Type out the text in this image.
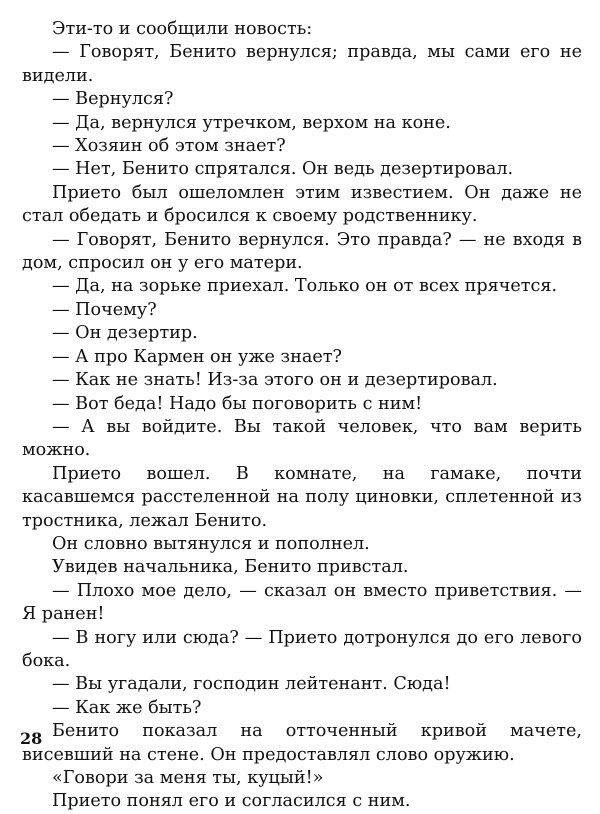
Эти-то и сообщили новость:

— Говорят, Бенито вернулся; правда, мы сами его не видели.

— Вернулся?

— Да, вернулся утречком, верхом на коне.

— Хозяин об этом знает?

— Нет, Бенито спрятался. Он ведь дезертировал.

Прието был ошеломлен этим известием. Он даже не стал обедать и бросился к своему родственнику.

— Говорят, Бенито вернулся. Это правда? — не входя в дом, спросил он у его матери.

— Да, на зорьке приехал. Только он от всех прячется.

— Почему?

— Он дезертир.

— А про Кармен он уже знает?

— Как не знать! Из-за этого он и дезертировал.

— Вот беда! Надо бы поговорить с ним!

— А вы войдите. Вы такой человек, что вам верить можно.

Прието вошел. В комнате, на гамаке, почти касавшемся расстеленной на полу циновки, сплетенной из тростника, лежал Бенито.

Он словно вытянулся и пополнел.

Увидев начальника, Бенито привстал.

— Плохо мое дело, — сказал он вместо приветствия. — Я ранен!

— В ногу или сюда? — Прието дотронулся до его левого бока.

— Вы угадали, господин лейтенант. Сюда!

— Как же быть?

Бенито показал на отточенный кривой мачете, висевший на стене. Он предоставлял слово оружию.

«Говори за меня ты, куцый!»

Прието понял его и согласился с ним.

28
